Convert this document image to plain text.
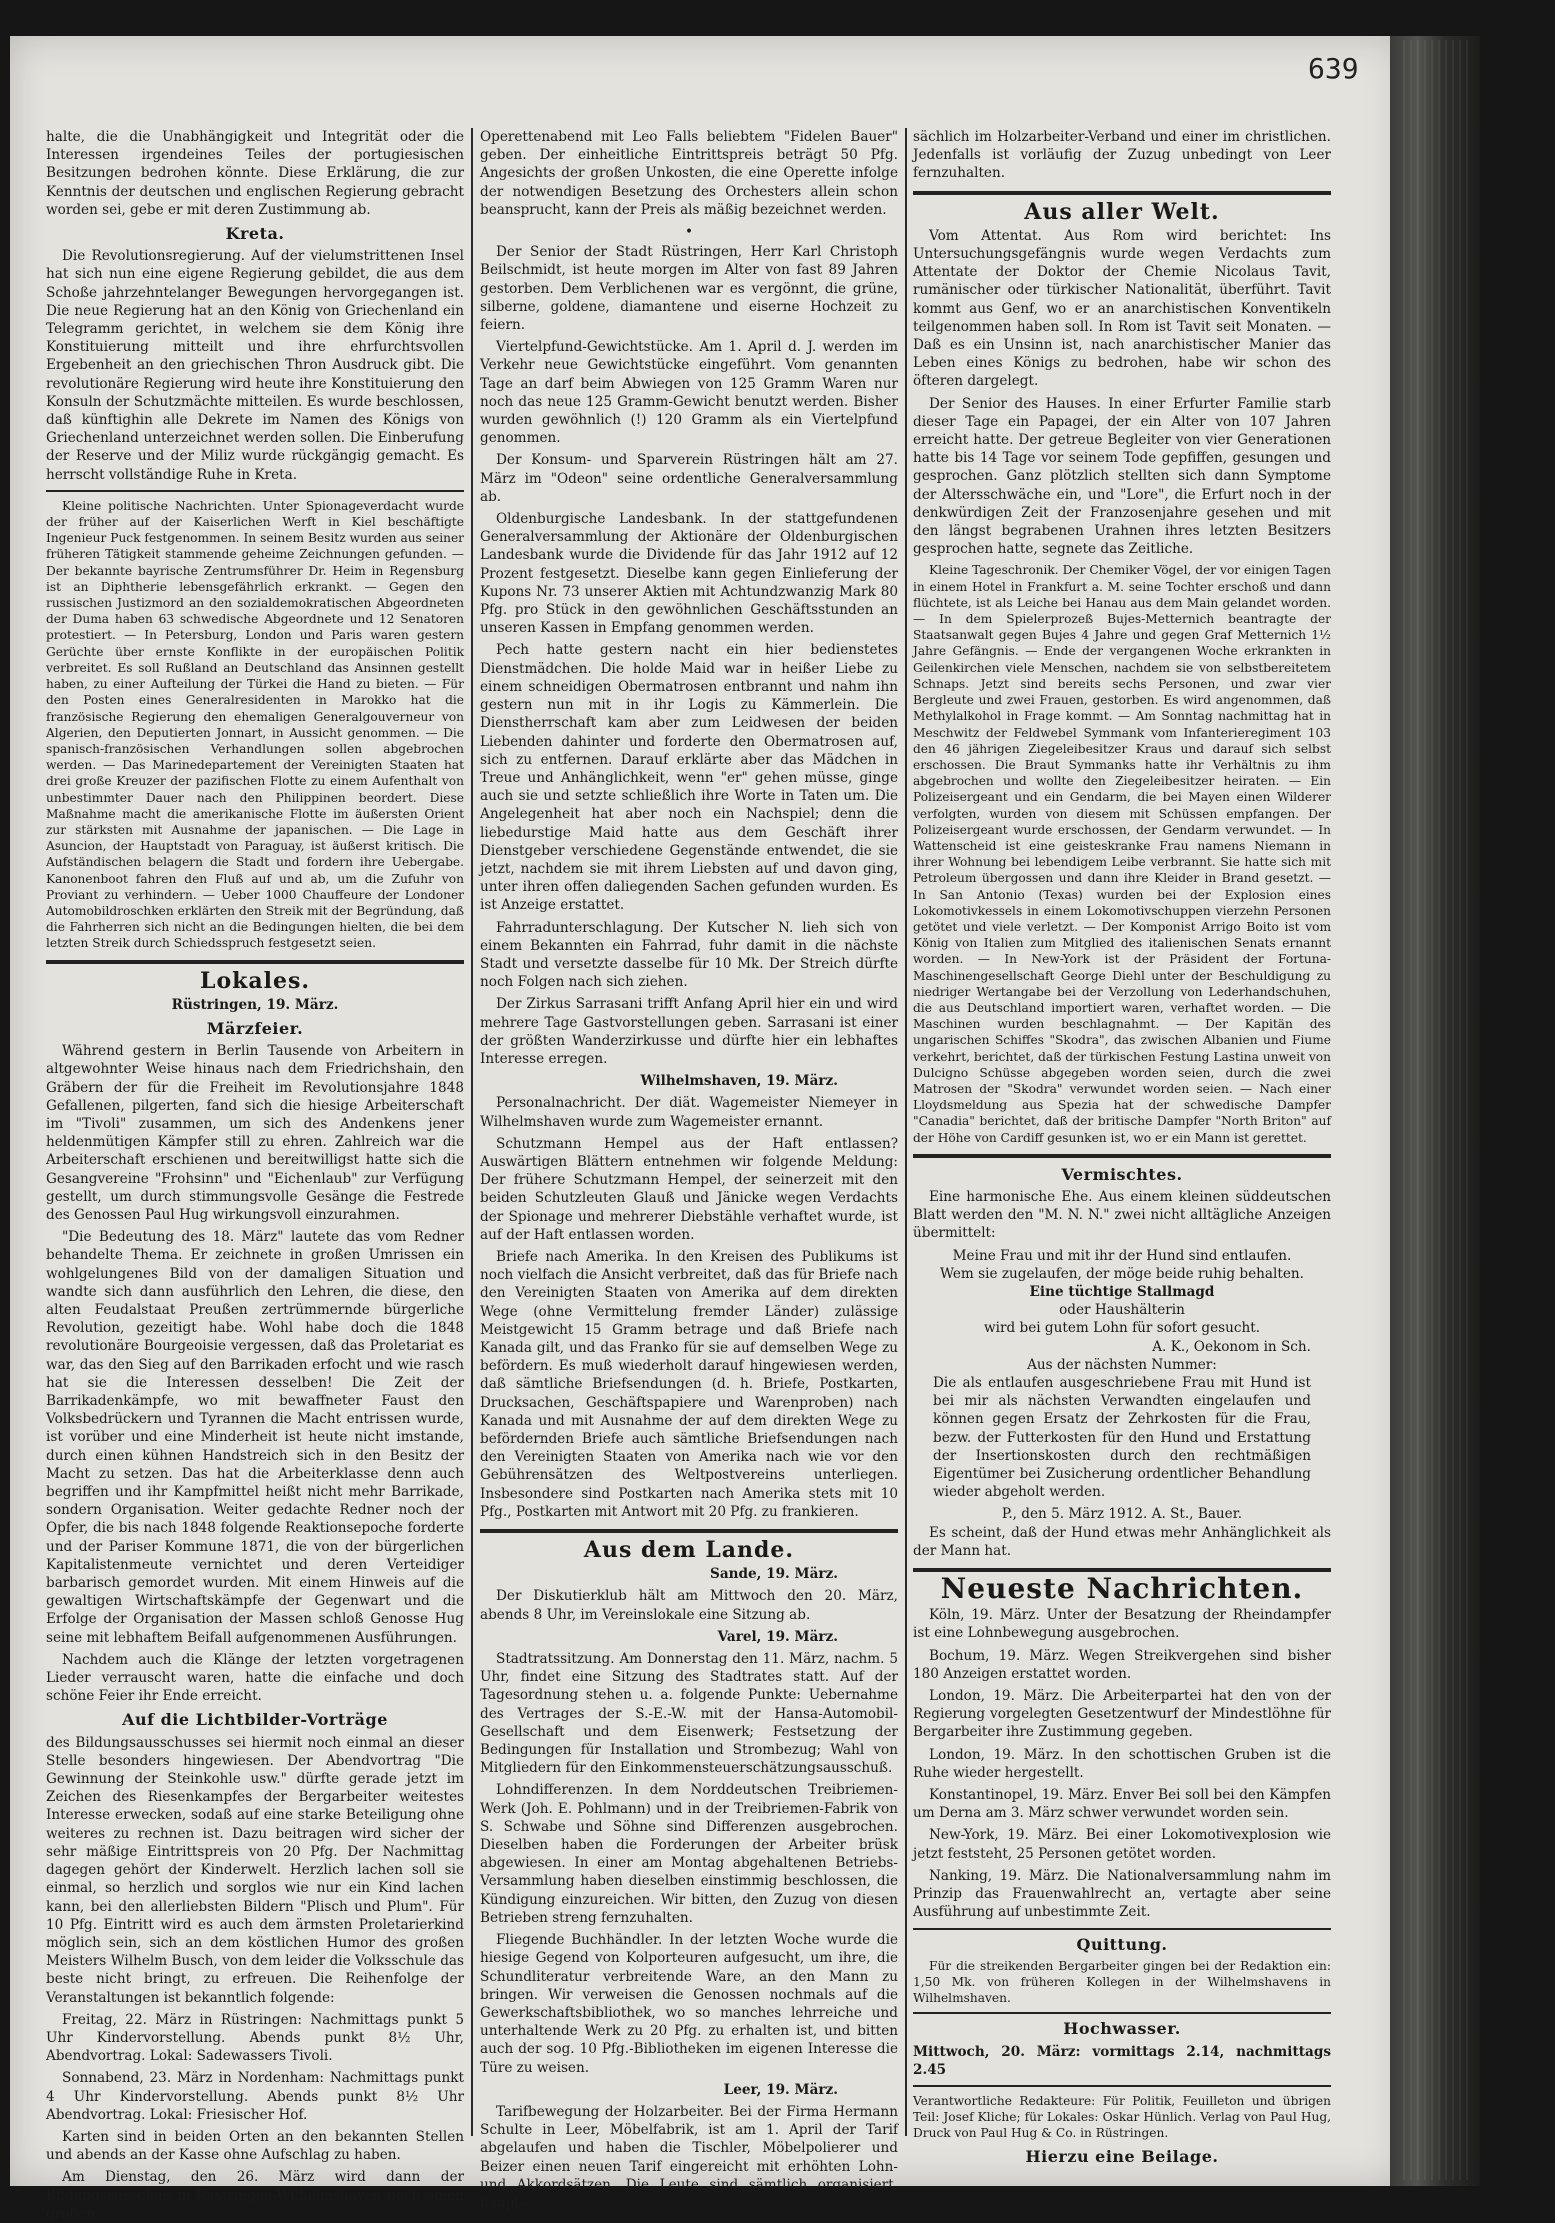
639

halte, die die Unabhängigkeit und Integrität oder die Interessen irgendeines Teiles der portugiesischen Besitzungen bedrohen könnte. Diese Erklärung, die zur Kenntnis der deutschen und englischen Regierung gebracht worden sei, gebe er mit deren Zustimmung ab.

Kreta.

Die Revolutionsregierung. Auf der vielumstrittenen Insel hat sich nun eine eigene Regierung gebildet, die aus dem Schoße jahrzehntelanger Bewegungen hervorgegangen ist. Die neue Regierung hat an den König von Griechenland ein Telegramm gerichtet, in welchem sie dem König ihre Konstituierung mitteilt und ihre ehrfurchtsvollen Ergebenheit an den griechischen Thron Ausdruck gibt. Die revolutionäre Regierung wird heute ihre Konstituierung den Konsuln der Schutzmächte mitteilen. Es wurde beschlossen, daß künftighin alle Dekrete im Namen des Königs von Griechenland unterzeichnet werden sollen. Die Einberufung der Reserve und der Miliz wurde rückgängig gemacht. Es herrscht vollständige Ruhe in Kreta.

Kleine politische Nachrichten. Unter Spionageverdacht wurde der früher auf der Kaiserlichen Werft in Kiel beschäftigte Ingenieur Puck festgenommen. In seinem Besitz wurden aus seiner früheren Tätigkeit stammende geheime Zeichnungen gefunden. — Der bekannte bayrische Zentrumsführer Dr. Heim in Regensburg ist an Diphtherie lebensgefährlich erkrankt. — Gegen den russischen Justizmord an den sozialdemokratischen Abgeordneten der Duma haben 63 schwedische Abgeordnete und 12 Senatoren protestiert. — In Petersburg, London und Paris waren gestern Gerüchte über ernste Konflikte in der europäischen Politik verbreitet. Es soll Rußland an Deutschland das Ansinnen gestellt haben, zu einer Aufteilung der Türkei die Hand zu bieten. — Für den Posten eines Generalresidenten in Marokko hat die französische Regierung den ehemaligen Generalgouverneur von Algerien, den Deputierten Jonnart, in Aussicht genommen. — Die spanisch-französischen Verhandlungen sollen abgebrochen werden. — Das Marinedepartement der Vereinigten Staaten hat drei große Kreuzer der pazifischen Flotte zu einem Aufenthalt von unbestimmter Dauer nach den Philippinen beordert. Diese Maßnahme macht die amerikanische Flotte im äußersten Orient zur stärksten mit Ausnahme der japanischen. — Die Lage in Asuncion, der Hauptstadt von Paraguay, ist äußerst kritisch. Die Aufständischen belagern die Stadt und fordern ihre Uebergabe. Kanonenboot fahren den Fluß auf und ab, um die Zufuhr von Proviant zu verhindern. — Ueber 1000 Chauffeure der Londoner Automobildroschken erklärten den Streik mit der Begründung, daß die Fahrherren sich nicht an die Bedingungen hielten, die bei dem letzten Streik durch Schiedsspruch festgesetzt seien.

Lokales.
Rüstringen, 19. März.
Märzfeier.

Während gestern in Berlin Tausende von Arbeitern in altgewohnter Weise hinaus nach dem Friedrichshain, den Gräbern der für die Freiheit im Revolutionsjahre 1848 Gefallenen, pilgerten, fand sich die hiesige Arbeiterschaft im "Tivoli" zusammen, um sich des Andenkens jener heldenmütigen Kämpfer still zu ehren. Zahlreich war die Arbeiterschaft erschienen und bereitwilligst hatte sich die Gesangvereine "Frohsinn" und "Eichenlaub" zur Verfügung gestellt, um durch stimmungsvolle Gesänge die Festrede des Genossen Paul Hug wirkungsvoll einzurahmen.

"Die Bedeutung des 18. März" lautete das vom Redner behandelte Thema. Er zeichnete in großen Umrissen ein wohlgelungenes Bild von der damaligen Situation und wandte sich dann ausführlich den Lehren, die diese, den alten Feudalstaat Preußen zertrümmernde bürgerliche Revolution, gezeitigt habe. Wohl habe doch die 1848 revolutionäre Bourgeoisie vergessen, daß das Proletariat es war, das den Sieg auf den Barrikaden erfocht und wie rasch hat sie die Interessen desselben! Die Zeit der Barrikadenkämpfe, wo mit bewaffneter Faust den Volksbedrückern und Tyrannen die Macht entrissen wurde, ist vorüber und eine Minderheit ist heute nicht imstande, durch einen kühnen Handstreich sich in den Besitz der Macht zu setzen. Das hat die Arbeiterklasse denn auch begriffen und ihr Kampfmittel heißt nicht mehr Barrikade, sondern Organisation. Weiter gedachte Redner noch der Opfer, die bis nach 1848 folgende Reaktionsepoche forderte und der Pariser Kommune 1871, die von der bürgerlichen Kapitalistenmeute vernichtet und deren Verteidiger barbarisch gemordet wurden. Mit einem Hinweis auf die gewaltigen Wirtschaftskämpfe der Gegenwart und die Erfolge der Organisation der Massen schloß Genosse Hug seine mit lebhaftem Beifall aufgenommenen Ausführungen.

Nachdem auch die Klänge der letzten vorgetragenen Lieder verrauscht waren, hatte die einfache und doch schöne Feier ihr Ende erreicht.

Auf die Lichtbilder-Vorträge

des Bildungsausschusses sei hiermit noch einmal an dieser Stelle besonders hingewiesen. Der Abendvortrag "Die Gewinnung der Steinkohle usw." dürfte gerade jetzt im Zeichen des Riesenkampfes der Bergarbeiter weitestes Interesse erwecken, sodaß auf eine starke Beteiligung ohne weiteres zu rechnen ist. Dazu beitragen wird sicher der sehr mäßige Eintrittspreis von 20 Pfg. Der Nachmittag dagegen gehört der Kinderwelt. Herzlich lachen soll sie einmal, so herzlich und sorglos wie nur ein Kind lachen kann, bei den allerliebsten Bildern "Plisch und Plum". Für 10 Pfg. Eintritt wird es auch dem ärmsten Proletarierkind möglich sein, sich an dem köstlichen Humor des großen Meisters Wilhelm Busch, von dem leider die Volksschule das beste nicht bringt, zu erfreuen. Die Reihenfolge der Veranstaltungen ist bekanntlich folgende:

Freitag, 22. März in Rüstringen: Nachmittags punkt 5 Uhr Kindervorstellung. Abends punkt 8½ Uhr, Abendvortrag. Lokal: Sadewassers Tivoli.

Sonnabend, 23. März in Nordenham: Nachmittags punkt 4 Uhr Kindervorstellung. Abends punkt 8½ Uhr Abendvortrag. Lokal: Friesischer Hof.

Karten sind in beiden Orten an den bekannten Stellen und abends an der Kasse ohne Aufschlag zu haben.

Am Dienstag, den 26. März wird dann der Bildungsausschuß in Rüstringen-Wilhelmshaven noch einen großen

Operettenabend mit Leo Falls beliebtem "Fidelen Bauer" geben. Der einheitliche Eintrittspreis beträgt 50 Pfg. Angesichts der großen Unkosten, die eine Operette infolge der notwendigen Besetzung des Orchesters allein schon beansprucht, kann der Preis als mäßig bezeichnet werden.

•

Der Senior der Stadt Rüstringen, Herr Karl Christoph Beilschmidt, ist heute morgen im Alter von fast 89 Jahren gestorben. Dem Verblichenen war es vergönnt, die grüne, silberne, goldene, diamantene und eiserne Hochzeit zu feiern.

Viertelpfund-Gewichtstücke. Am 1. April d. J. werden im Verkehr neue Gewichtstücke eingeführt. Vom genannten Tage an darf beim Abwiegen von 125 Gramm Waren nur noch das neue 125 Gramm-Gewicht benutzt werden. Bisher wurden gewöhnlich (!) 120 Gramm als ein Viertelpfund genommen.

Der Konsum- und Sparverein Rüstringen hält am 27. März im "Odeon" seine ordentliche Generalversammlung ab.

Oldenburgische Landesbank. In der stattgefundenen Generalversammlung der Aktionäre der Oldenburgischen Landesbank wurde die Dividende für das Jahr 1912 auf 12 Prozent festgesetzt. Dieselbe kann gegen Einlieferung der Kupons Nr. 73 unserer Aktien mit Achtundzwanzig Mark 80 Pfg. pro Stück in den gewöhnlichen Geschäftsstunden an unseren Kassen in Empfang genommen werden.

Pech hatte gestern nacht ein hier bedienstetes Dienstmädchen. Die holde Maid war in heißer Liebe zu einem schneidigen Obermatrosen entbrannt und nahm ihn gestern nun mit in ihr Logis zu Kämmerlein. Die Dienstherrschaft kam aber zum Leidwesen der beiden Liebenden dahinter und forderte den Obermatrosen auf, sich zu entfernen. Darauf erklärte aber das Mädchen in Treue und Anhänglichkeit, wenn "er" gehen müsse, ginge auch sie und setzte schließlich ihre Worte in Taten um. Die Angelegenheit hat aber noch ein Nachspiel; denn die liebedurstige Maid hatte aus dem Geschäft ihrer Dienstgeber verschiedene Gegenstände entwendet, die sie jetzt, nachdem sie mit ihrem Liebsten auf und davon ging, unter ihren offen daliegenden Sachen gefunden wurden. Es ist Anzeige erstattet.

Fahrradunterschlagung. Der Kutscher N. lieh sich von einem Bekannten ein Fahrrad, fuhr damit in die nächste Stadt und versetzte dasselbe für 10 Mk. Der Streich dürfte noch Folgen nach sich ziehen.

Der Zirkus Sarrasani trifft Anfang April hier ein und wird mehrere Tage Gastvorstellungen geben. Sarrasani ist einer der größten Wanderzirkusse und dürfte hier ein lebhaftes Interesse erregen.

Wilhelmshaven, 19. März.

Personalnachricht. Der diät. Wagemeister Niemeyer in Wilhelmshaven wurde zum Wagemeister ernannt.

Schutzmann Hempel aus der Haft entlassen? Auswärtigen Blättern entnehmen wir folgende Meldung: Der frühere Schutzmann Hempel, der seinerzeit mit den beiden Schutzleuten Glauß und Jänicke wegen Verdachts der Spionage und mehrerer Diebstähle verhaftet wurde, ist auf der Haft entlassen worden.

Briefe nach Amerika. In den Kreisen des Publikums ist noch vielfach die Ansicht verbreitet, daß das für Briefe nach den Vereinigten Staaten von Amerika auf dem direkten Wege (ohne Vermittelung fremder Länder) zulässige Meistgewicht 15 Gramm betrage und daß Briefe nach Kanada gilt, und das Franko für sie auf demselben Wege zu befördern. Es muß wiederholt darauf hingewiesen werden, daß sämtliche Briefsendungen (d. h. Briefe, Postkarten, Drucksachen, Geschäftspapiere und Warenproben) nach Kanada und mit Ausnahme der auf dem direkten Wege zu befördernden Briefe auch sämtliche Briefsendungen nach den Vereinigten Staaten von Amerika nach wie vor den Gebührensätzen des Weltpostvereins unterliegen. Insbesondere sind Postkarten nach Amerika stets mit 10 Pfg., Postkarten mit Antwort mit 20 Pfg. zu frankieren.

Aus dem Lande.
Sande, 19. März.

Der Diskutierklub hält am Mittwoch den 20. März, abends 8 Uhr, im Vereinslokale eine Sitzung ab.

Varel, 19. März.

Stadtratssitzung. Am Donnerstag den 11. März, nachm. 5 Uhr, findet eine Sitzung des Stadtrates statt. Auf der Tagesordnung stehen u. a. folgende Punkte: Uebernahme des Vertrages der S.-E.-W. mit der Hansa-Automobil-Gesellschaft und dem Eisenwerk; Festsetzung der Bedingungen für Installation und Strombezug; Wahl von Mitgliedern für den Einkommensteuerschätzungsausschuß.

Lohndifferenzen. In dem Norddeutschen Treibriemen-Werk (Joh. E. Pohlmann) und in der Treibriemen-Fabrik von S. Schwabe und Söhne sind Differenzen ausgebrochen. Dieselben haben die Forderungen der Arbeiter brüsk abgewiesen. In einer am Montag abgehaltenen Betriebs-Versammlung haben dieselben einstimmig beschlossen, die Kündigung einzureichen. Wir bitten, den Zuzug von diesen Betrieben streng fernzuhalten.

Fliegende Buchhändler. In der letzten Woche wurde die hiesige Gegend von Kolporteuren aufgesucht, um ihre, die Schundliteratur verbreitende Ware, an den Mann zu bringen. Wir verweisen die Genossen nochmals auf die Gewerkschaftsbibliothek, wo so manches lehrreiche und unterhaltende Werk zu 20 Pfg. zu erhalten ist, und bitten auch der sog. 10 Pfg.-Bibliotheken im eigenen Interesse die Türe zu weisen.

Leer, 19. März.

Tarifbewegung der Holzarbeiter. Bei der Firma Hermann Schulte in Leer, Möbelfabrik, ist am 1. April der Tarif abgelaufen und haben die Tischler, Möbelpolierer und Beizer einen neuen Tarif eingereicht mit erhöhten Lohn- und Akkordsätzen. Die Leute sind sämtlich organisiert, haupt-

sächlich im Holzarbeiter-Verband und einer im christlichen. Jedenfalls ist vorläufig der Zuzug unbedingt von Leer fernzuhalten.

Aus aller Welt.

Vom Attentat. Aus Rom wird berichtet: Ins Untersuchungsgefängnis wurde wegen Verdachts zum Attentate der Doktor der Chemie Nicolaus Tavit, rumänischer oder türkischer Nationalität, überführt. Tavit kommt aus Genf, wo er an anarchistischen Konventikeln teilgenommen haben soll. In Rom ist Tavit seit Monaten. — Daß es ein Unsinn ist, nach anarchistischer Manier das Leben eines Königs zu bedrohen, habe wir schon des öfteren dargelegt.

Der Senior des Hauses. In einer Erfurter Familie starb dieser Tage ein Papagei, der ein Alter von 107 Jahren erreicht hatte. Der getreue Begleiter von vier Generationen hatte bis 14 Tage vor seinem Tode gepfiffen, gesungen und gesprochen. Ganz plötzlich stellten sich dann Symptome der Altersschwäche ein, und "Lore", die Erfurt noch in der denkwürdigen Zeit der Franzosenjahre gesehen und mit den längst begrabenen Urahnen ihres letzten Besitzers gesprochen hatte, segnete das Zeitliche.

Kleine Tageschronik. Der Chemiker Vögel, der vor einigen Tagen in einem Hotel in Frankfurt a. M. seine Tochter erschoß und dann flüchtete, ist als Leiche bei Hanau aus dem Main gelandet worden. — In dem Spielerprozeß Bujes-Metternich beantragte der Staatsanwalt gegen Bujes 4 Jahre und gegen Graf Metternich 1½ Jahre Gefängnis. — Ende der vergangenen Woche erkrankten in Geilenkirchen viele Menschen, nachdem sie von selbstbereitetem Schnaps. Jetzt sind bereits sechs Personen, und zwar vier Bergleute und zwei Frauen, gestorben. Es wird angenommen, daß Methylalkohol in Frage kommt. — Am Sonntag nachmittag hat in Meschwitz der Feldwebel Symmank vom Infanterieregiment 103 den 46 jährigen Ziegeleibesitzer Kraus und darauf sich selbst erschossen. Die Braut Symmanks hatte ihr Verhältnis zu ihm abgebrochen und wollte den Ziegeleibesitzer heiraten. — Ein Polizeisergeant und ein Gendarm, die bei Mayen einen Wilderer verfolgten, wurden von diesem mit Schüssen empfangen. Der Polizeisergeant wurde erschossen, der Gendarm verwundet. — In Wattenscheid ist eine geisteskranke Frau namens Niemann in ihrer Wohnung bei lebendigem Leibe verbrannt. Sie hatte sich mit Petroleum übergossen und dann ihre Kleider in Brand gesetzt. — In San Antonio (Texas) wurden bei der Explosion eines Lokomotivkessels in einem Lokomotivschuppen vierzehn Personen getötet und viele verletzt. — Der Komponist Arrigo Boito ist vom König von Italien zum Mitglied des italienischen Senats ernannt worden. — In New-York ist der Präsident der Fortuna-Maschinengesellschaft George Diehl unter der Beschuldigung zu niedriger Wertangabe bei der Verzollung von Lederhandschuhen, die aus Deutschland importiert waren, verhaftet worden. — Die Maschinen wurden beschlagnahmt. — Der Kapitän des ungarischen Schiffes "Skodra", das zwischen Albanien und Fiume verkehrt, berichtet, daß der türkischen Festung Lastina unweit von Dulcigno Schüsse abgegeben worden seien, durch die zwei Matrosen der "Skodra" verwundet worden seien. — Nach einer Lloydsmeldung aus Spezia hat der schwedische Dampfer "Canadia" berichtet, daß der britische Dampfer "North Briton" auf der Höhe von Cardiff gesunken ist, wo er ein Mann ist gerettet.

Vermischtes.

Eine harmonische Ehe. Aus einem kleinen süddeutschen Blatt werden den "M. N. N." zwei nicht alltägliche Anzeigen übermittelt:

Meine Frau und mit ihr der Hund sind entlaufen.
Wem sie zugelaufen, der möge beide ruhig behalten.
Eine tüchtige Stallmagd
oder Haushälterin
wird bei gutem Lohn für sofort gesucht.
A. K., Oekonom in Sch.
Aus der nächsten Nummer:

Die als entlaufen ausgeschriebene Frau mit Hund ist bei mir als nächsten Verwandten eingelaufen und können gegen Ersatz der Zehrkosten für die Frau, bezw. der Futterkosten für den Hund und Erstattung der Insertionskosten durch den rechtmäßigen Eigentümer bei Zusicherung ordentlicher Behandlung wieder abgeholt werden.

P., den 5. März 1912. A. St., Bauer.

Es scheint, daß der Hund etwas mehr Anhänglichkeit als der Mann hat.

Neueste Nachrichten.

Köln, 19. März. Unter der Besatzung der Rheindampfer ist eine Lohnbewegung ausgebrochen.

Bochum, 19. März. Wegen Streikvergehen sind bisher 180 Anzeigen erstattet worden.

London, 19. März. Die Arbeiterpartei hat den von der Regierung vorgelegten Gesetzentwurf der Mindestlöhne für Bergarbeiter ihre Zustimmung gegeben.

London, 19. März. In den schottischen Gruben ist die Ruhe wieder hergestellt.

Konstantinopel, 19. März. Enver Bei soll bei den Kämpfen um Derna am 3. März schwer verwundet worden sein.

New-York, 19. März. Bei einer Lokomotivexplosion wie jetzt feststeht, 25 Personen getötet worden.

Nanking, 19. März. Die Nationalversammlung nahm im Prinzip das Frauenwahlrecht an, vertagte aber seine Ausführung auf unbestimmte Zeit.

Quittung.

Für die streikenden Bergarbeiter gingen bei der Redaktion ein: 1,50 Mk. von früheren Kollegen in der Wilhelmshavens in Wilhelmshaven.

Hochwasser.

Mittwoch, 20. März: vormittags 2.14, nachmittags 2.45

Verantwortliche Redakteure: Für Politik, Feuilleton und übrigen Teil: Josef Kliche; für Lokales: Oskar Hünlich. Verlag von Paul Hug, Druck von Paul Hug & Co. in Rüstringen.

Hierzu eine Beilage.
